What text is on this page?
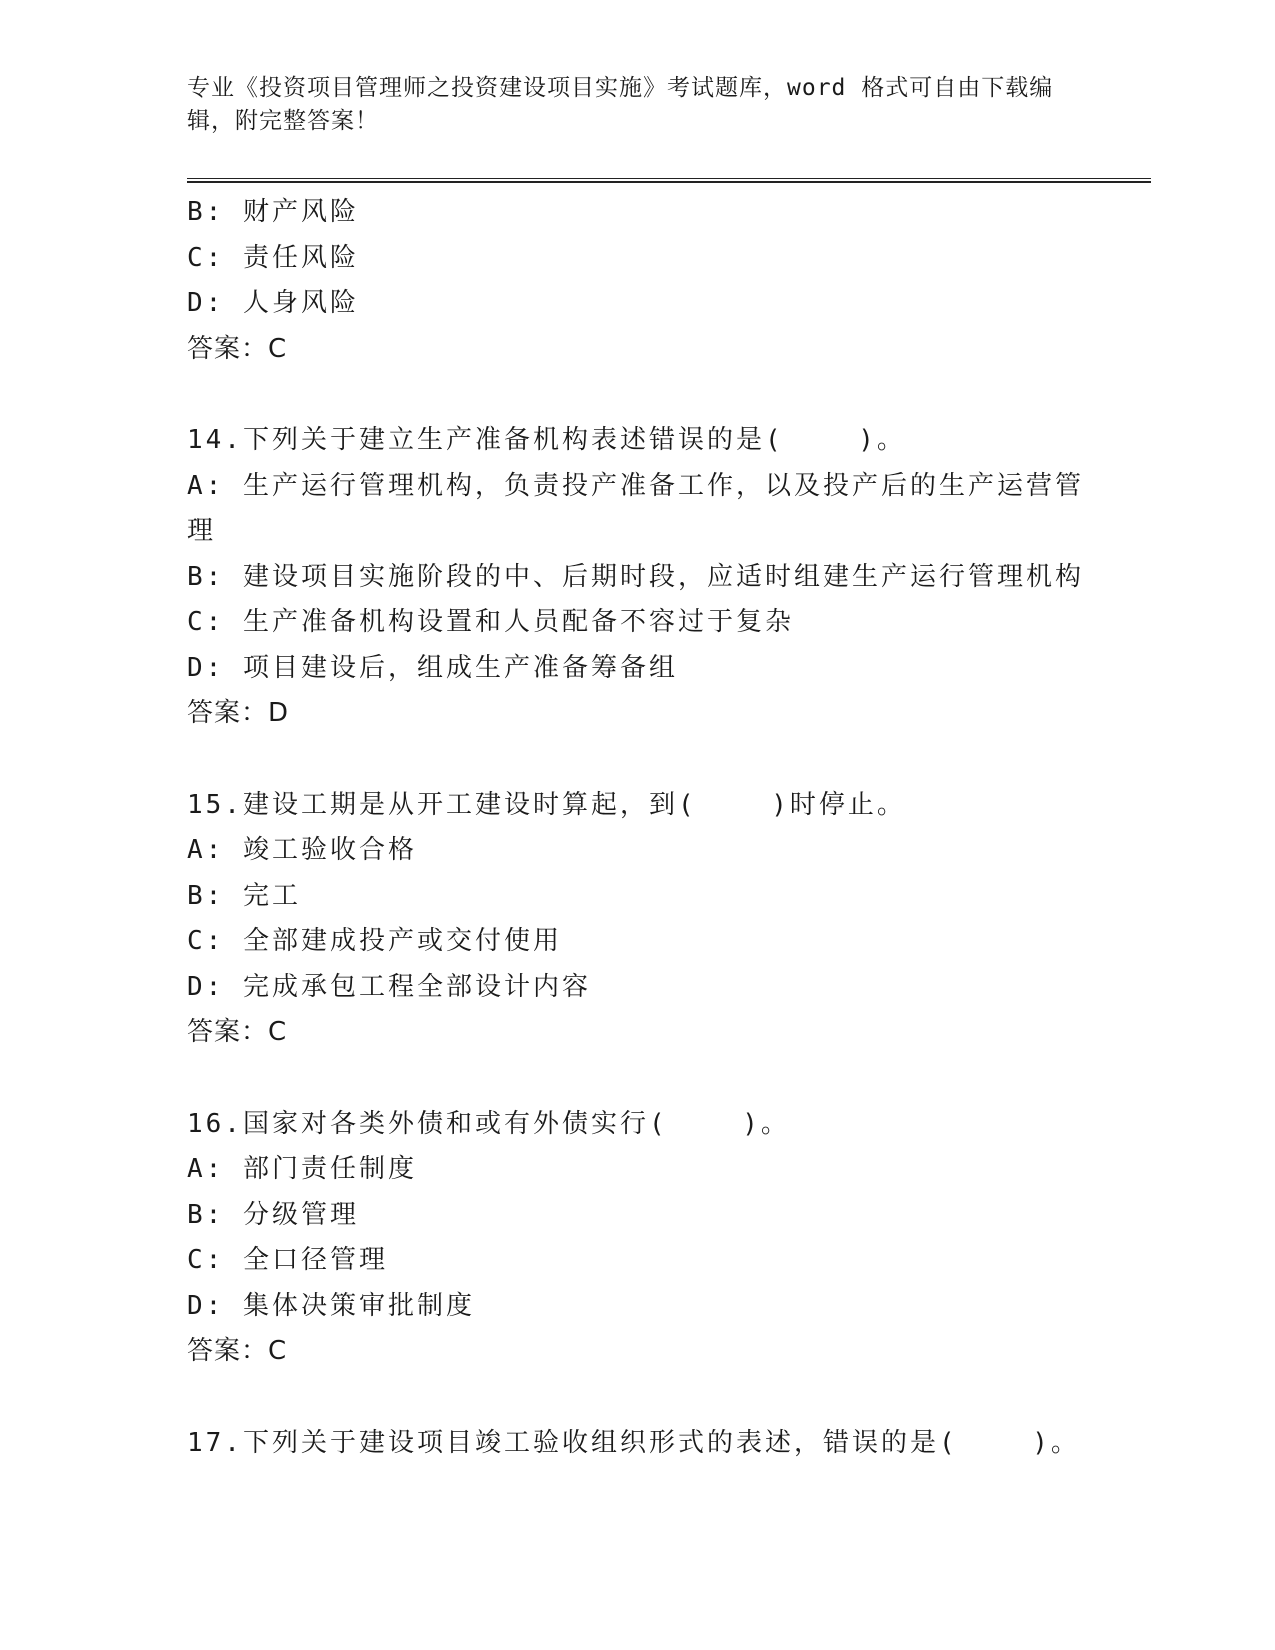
专业《投资项目管理师之投资建设项目实施》考试题库，word 格式可自由下载编
辑，附完整答案！
B: 财产风险
C: 责任风险
D: 人身风险
答案：C
14.下列关于建立生产准备机构表述错误的是(    )。
A: 生产运行管理机构，负责投产准备工作，以及投产后的生产运营管
理
B: 建设项目实施阶段的中、后期时段，应适时组建生产运行管理机构
C: 生产准备机构设置和人员配备不容过于复杂
D: 项目建设后，组成生产准备筹备组
答案：D
15.建设工期是从开工建设时算起，到(    )时停止。
A: 竣工验收合格
B: 完工
C: 全部建成投产或交付使用
D: 完成承包工程全部设计内容
答案：C
16.国家对各类外债和或有外债实行(    )。
A: 部门责任制度
B: 分级管理
C: 全口径管理
D: 集体决策审批制度
答案：C
17.下列关于建设项目竣工验收组织形式的表述，错误的是(    )。
